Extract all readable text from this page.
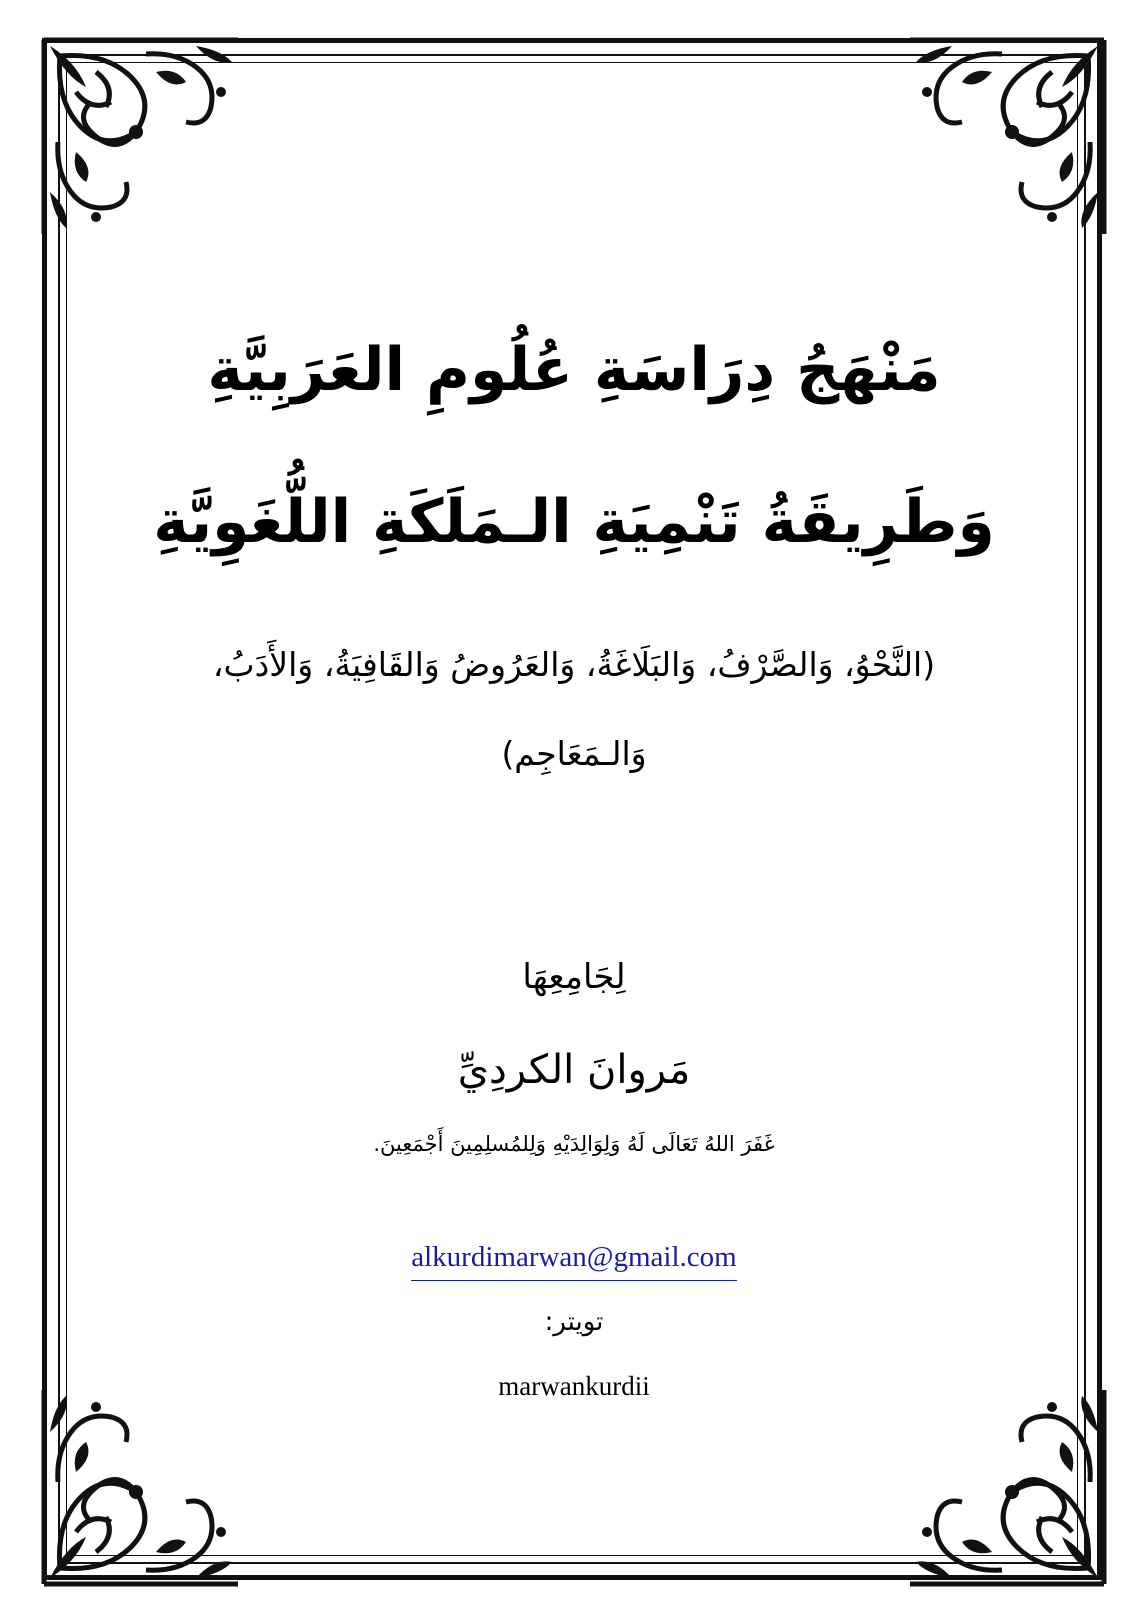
مَنْهَجُ دِرَاسَةِ عُلُومِ العَرَبِيَّةِ
وَطَرِيقَةُ تَنْمِيَةِ الـمَلَكَةِ اللُّغَوِيَّةِ
(النَّحْوُ، وَالصَّرْفُ، وَالبَلَاغَةُ، وَالعَرُوضُ وَالقَافِيَةُ، وَالأَدَبُ،
وَالـمَعَاجِم)
لِجَامِعِهَا
مَروانَ الكردِيِّ
غَفَرَ اللهُ تَعَالَى لَهُ وَلِوَالِدَيْهِ وَلِلمُسلِمِينَ أَجْمَعِينَ.
alkurdimarwan@gmail.com
تويتر:
marwankurdii
